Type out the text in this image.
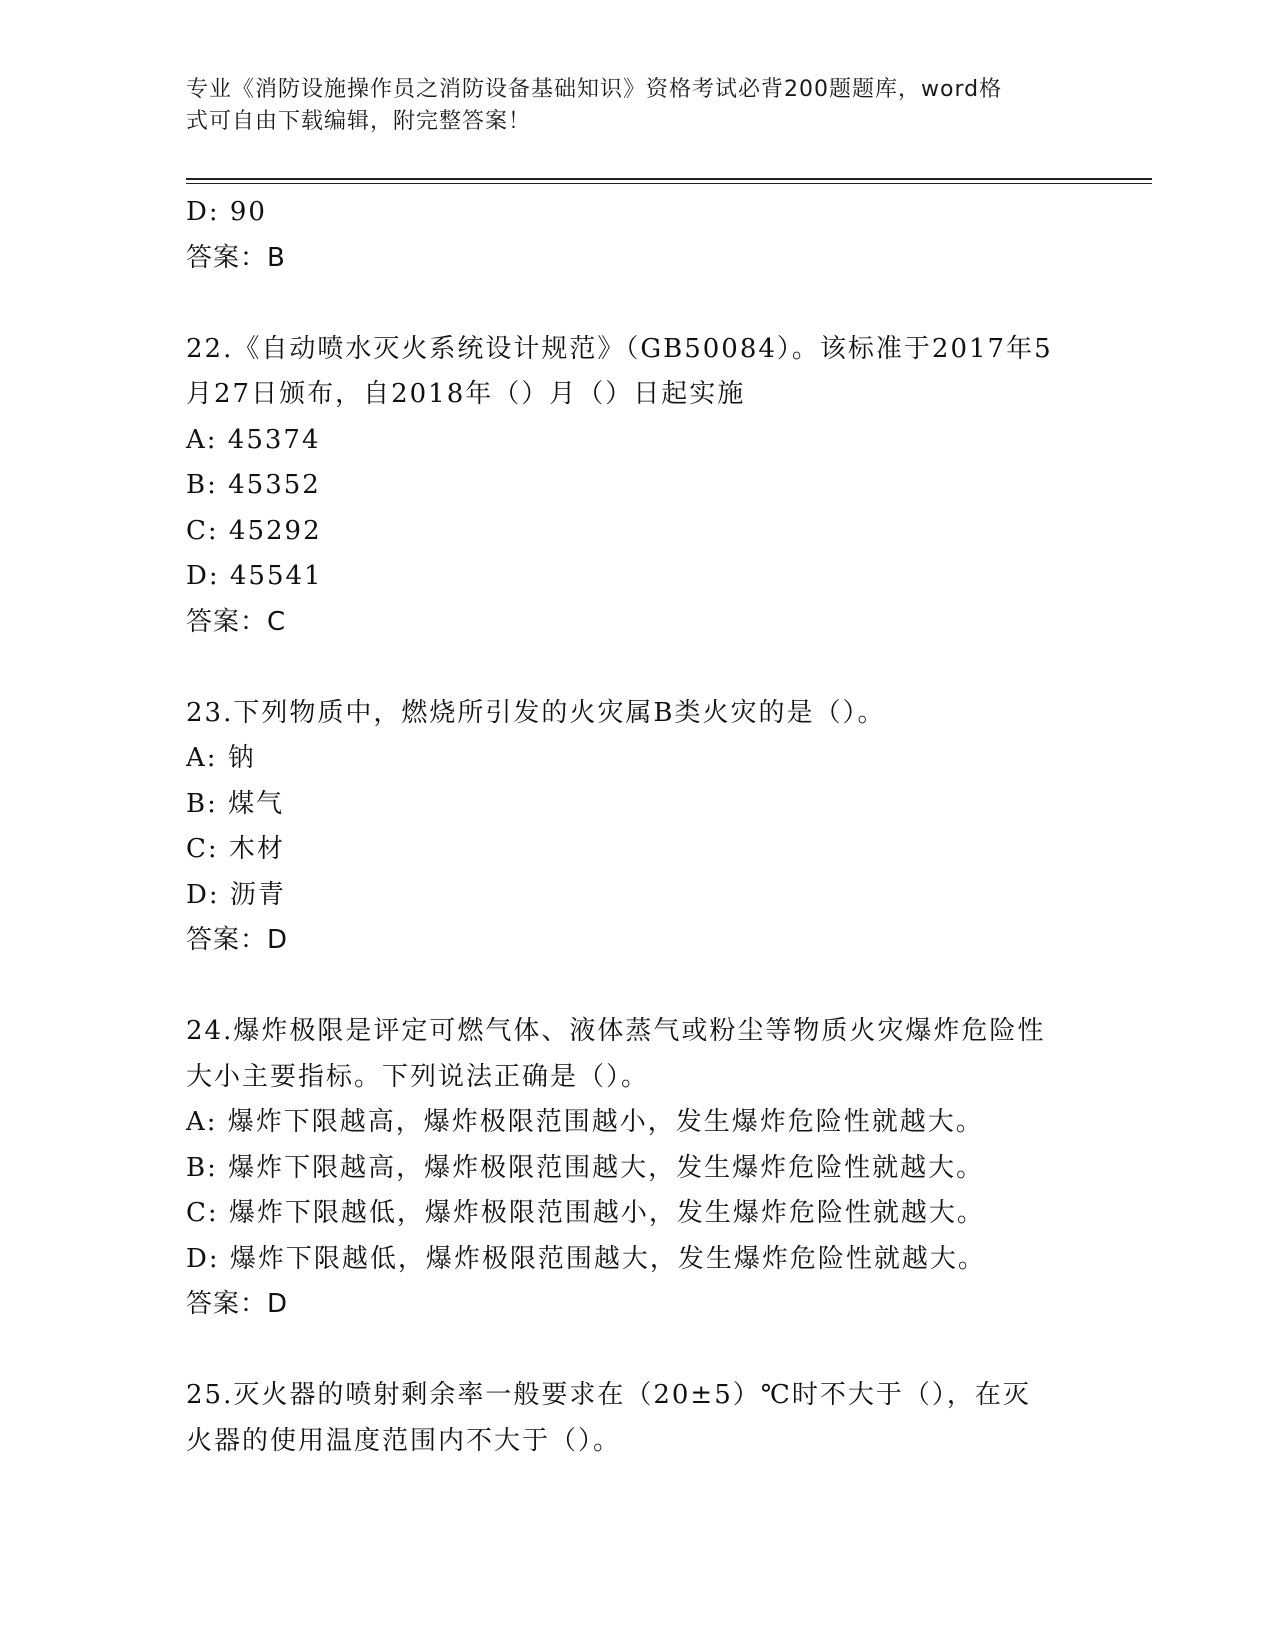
专业《消防设施操作员之消防设备基础知识》资格考试必背200题题库，word格
式可自由下载编辑，附完整答案！
D: 90
答案：B
22.《自动喷水灭火系统设计规范》（GB50084）。该标准于2017年5
月27日颁布，自2018年（）月（）日起实施
A: 45374
B: 45352
C: 45292
D: 45541
答案：C
23.下列物质中，燃烧所引发的火灾属B类火灾的是（）。
A: 钠
B: 煤气
C: 木材
D: 沥青
答案：D
24.爆炸极限是评定可燃气体、液体蒸气或粉尘等物质火灾爆炸危险性
大小主要指标。下列说法正确是（）。
A: 爆炸下限越高，爆炸极限范围越小，发生爆炸危险性就越大。
B: 爆炸下限越高，爆炸极限范围越大，发生爆炸危险性就越大。
C: 爆炸下限越低，爆炸极限范围越小，发生爆炸危险性就越大。
D: 爆炸下限越低，爆炸极限范围越大，发生爆炸危险性就越大。
答案：D
25.灭火器的喷射剩余率一般要求在（20±5）℃时不大于（），在灭
火器的使用温度范围内不大于（）。
